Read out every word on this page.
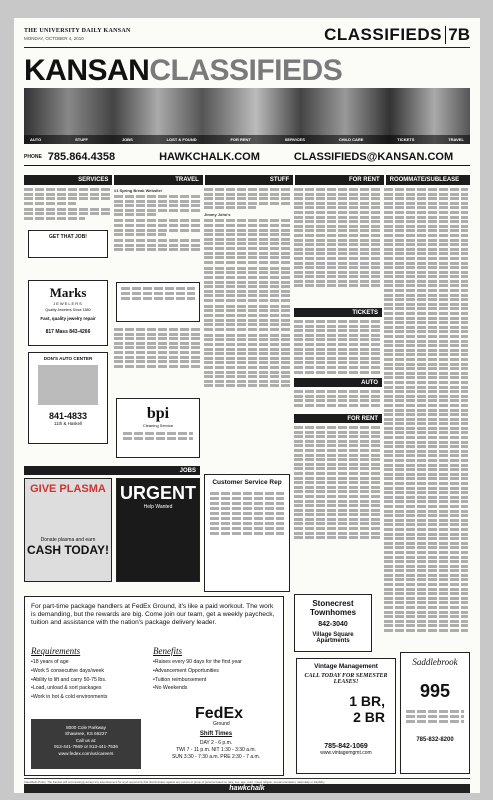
THE UNIVERSITY DAILY KANSAN
MONDAY, OCTOBER 4, 2010	CLASSIFIEDS 7B
KANSANCLASSIFIEDS
AUTO	STUFF	JOBS	LOST & FOUND	FOR RENT	SERVICES	CHILD CARE	TICKETS	TRAVEL
PHONE 785.864.4358	HAWKCHALK.COM	CLASSIFIEDS@KANSAN.COM
SERVICES	TRAVEL	STUFF	FOR RENT	ROOMMATE/SUBLEASE

GET THAT JOB!
Marks
JEWELERS
Quality Jewelers Since 1880
Fast, quality jewelry repair
817 Mass 843-4266
DON'S AUTO CENTER
841-4833
11th & Haskell
#1 Spring Break Website!

bpi
Cleaning Service

Jimmy John's

TICKETS
AUTO
FOR RENT
JOBS
GIVE PLASMA
Donate plasma and earn
CASH TODAY!
URGENT
Help Wanted
Customer Service Rep
For part-time package handlers at FedEx Ground, it's like a paid workout. The work is demanding, but the rewards are big. Come join our team, get a weekly paycheck, tuition and assistance with the nation's package delivery leader.
Requirements	Benefits
• 18 years of age
• Work 5 consecutive days/week
• Ability to lift and carry 50-75 lbs.
• Load, unload & sort packages
• Work in hot & cold environments
• Raises every 90 days for the first year
• Advancement Opportunities
• Tuition reimbursement
• No Weekends
8000 Cole Parkway
Shawnee, KS 66227
Call us at:
913-441-7569 or 913-441-7536
www.fedex.com/us/careers
FedEx
Ground
Shift Times
DAY 2 - 6 p.m.
TWI 7 - 11 p.m. NIT 1:30 - 3:30 a.m.
SUN 3:30 - 7:30 a.m. PRE 2:30 - 7 a.m.
Stonecrest Townhomes
842-3040
Village Square Apartments
Vintage Management
CALL TODAY FOR SEMESTER LEASES!
1 BR,
2 BR
785-842-1069
www.vintagemgmt.com
Saddlebrook
995
785-832-8200
Classifieds Policy: The Kansan will not knowingly accept any advertisement for a job opportunity that discriminates against any person or group of persons based on race, sex, age, color, creed, religion, sexual orientation, nationality or disability.
hawkchalk
